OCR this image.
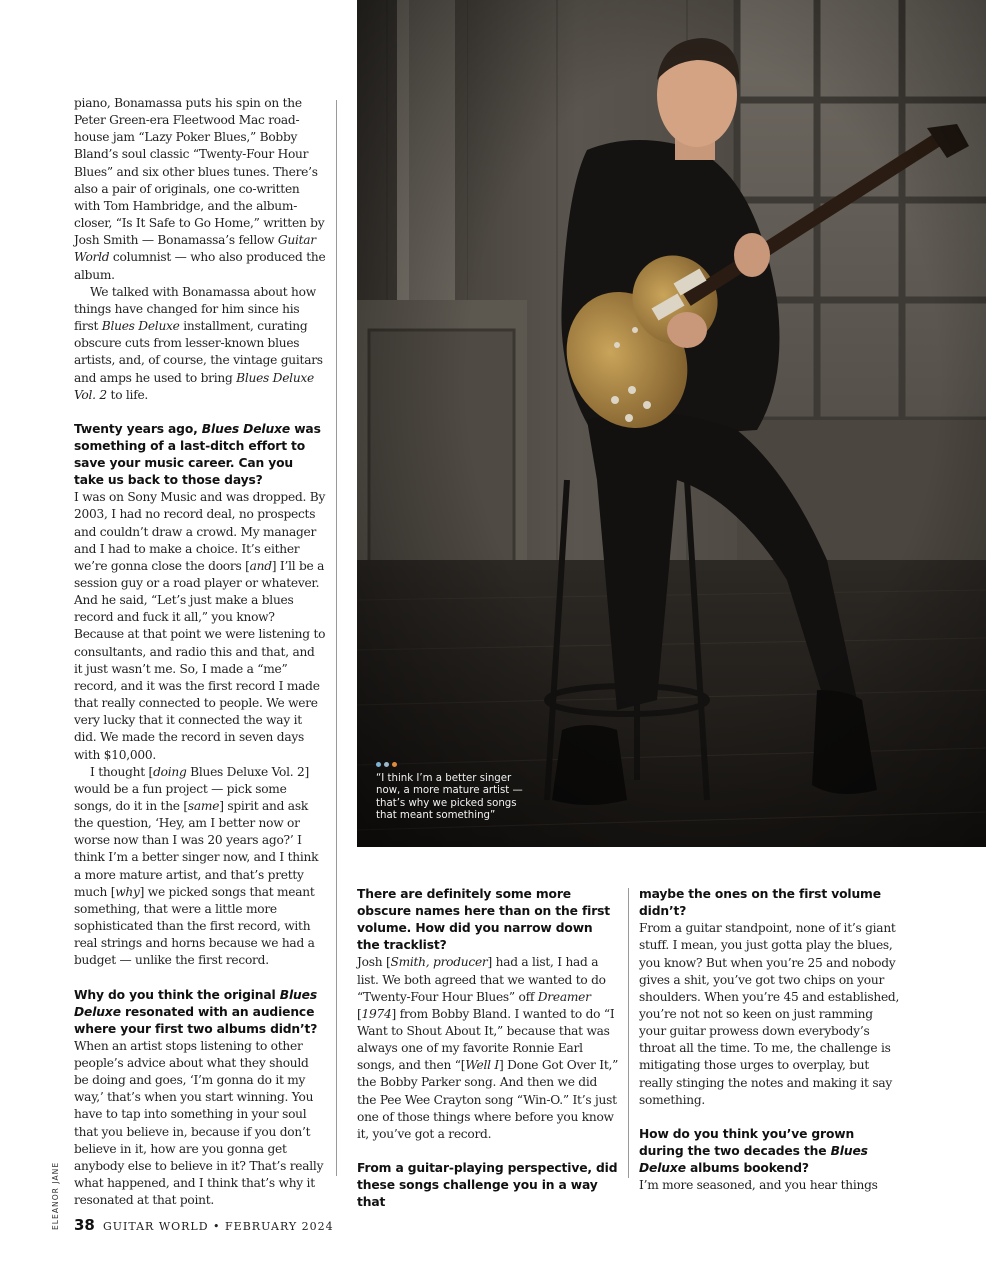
“I think I’m a better singer now, a more mature artist — that’s why we picked songs that meant something”

piano, Bonamassa puts his spin on the Peter Green-era Fleetwood Mac road-house jam “Lazy Poker Blues,” Bobby Bland’s soul classic “Twenty-Four Hour Blues” and six other blues tunes. There’s also a pair of originals, one co-written with Tom Hambridge, and the album-closer, “Is It Safe to Go Home,” written by Josh Smith — Bonamassa’s fellow Guitar World columnist — who also produced the album.

We talked with Bonamassa about how things have changed for him since his first Blues Deluxe installment, curating obscure cuts from lesser-known blues artists, and, of course, the vintage guitars and amps he used to bring Blues Deluxe Vol. 2 to life.

Twenty years ago, Blues Deluxe was something of a last-ditch effort to save your music career. Can you take us back to those days?

I was on Sony Music and was dropped. By 2003, I had no record deal, no prospects and couldn’t draw a crowd. My manager and I had to make a choice. It’s either we’re gonna close the doors [and] I’ll be a session guy or a road player or whatever. And he said, “Let’s just make a blues record and fuck it all,” you know? Because at that point we were listening to consultants, and radio this and that, and it just wasn’t me. So, I made a “me” record, and it was the first record I made that really connected to people. We were very lucky that it connected the way it did. We made the record in seven days with $10,000.

I thought [doing Blues Deluxe Vol. 2] would be a fun project — pick some songs, do it in the [same] spirit and ask the question, ‘Hey, am I better now or worse now than I was 20 years ago?’ I think I’m a better singer now, and I think a more mature artist, and that’s pretty much [why] we picked songs that meant something, that were a little more sophisticated than the first record, with real strings and horns because we had a budget — unlike the first record.

Why do you think the original Blues Deluxe resonated with an audience where your first two albums didn’t?

When an artist stops listening to other people’s advice about what they should be doing and goes, ‘I’m gonna do it my way,’ that’s when you start winning. You have to tap into something in your soul that you believe in, because if you don’t believe in it, how are you gonna get anybody else to believe in it? That’s really what happened, and I think that’s why it resonated at that point.

There are definitely some more obscure names here than on the first volume. How did you narrow down the tracklist?

Josh [Smith, producer] had a list, I had a list. We both agreed that we wanted to do “Twenty-Four Hour Blues” off Dreamer [1974] from Bobby Bland. I wanted to do “I Want to Shout About It,” because that was always one of my favorite Ronnie Earl songs, and then “[Well I] Done Got Over It,” the Bobby Parker song. And then we did the Pee Wee Crayton song “Win-O.” It’s just one of those things where before you know it, you’ve got a record.

From a guitar-playing perspective, did these songs challenge you in a way that

maybe the ones on the first volume didn’t?

From a guitar standpoint, none of it’s giant stuff. I mean, you just gotta play the blues, you know? But when you’re 25 and nobody gives a shit, you’ve got two chips on your shoulders. When you’re 45 and established, you’re not not so keen on just ramming your guitar prowess down everybody’s throat all the time. To me, the challenge is mitigating those urges to overplay, but really stinging the notes and making it say something.

How do you think you’ve grown during the two decades the Blues Deluxe albums bookend?

I’m more seasoned, and you hear things

ELEANOR JANE 38 GUITAR WORLD • FEBRUARY 2024
